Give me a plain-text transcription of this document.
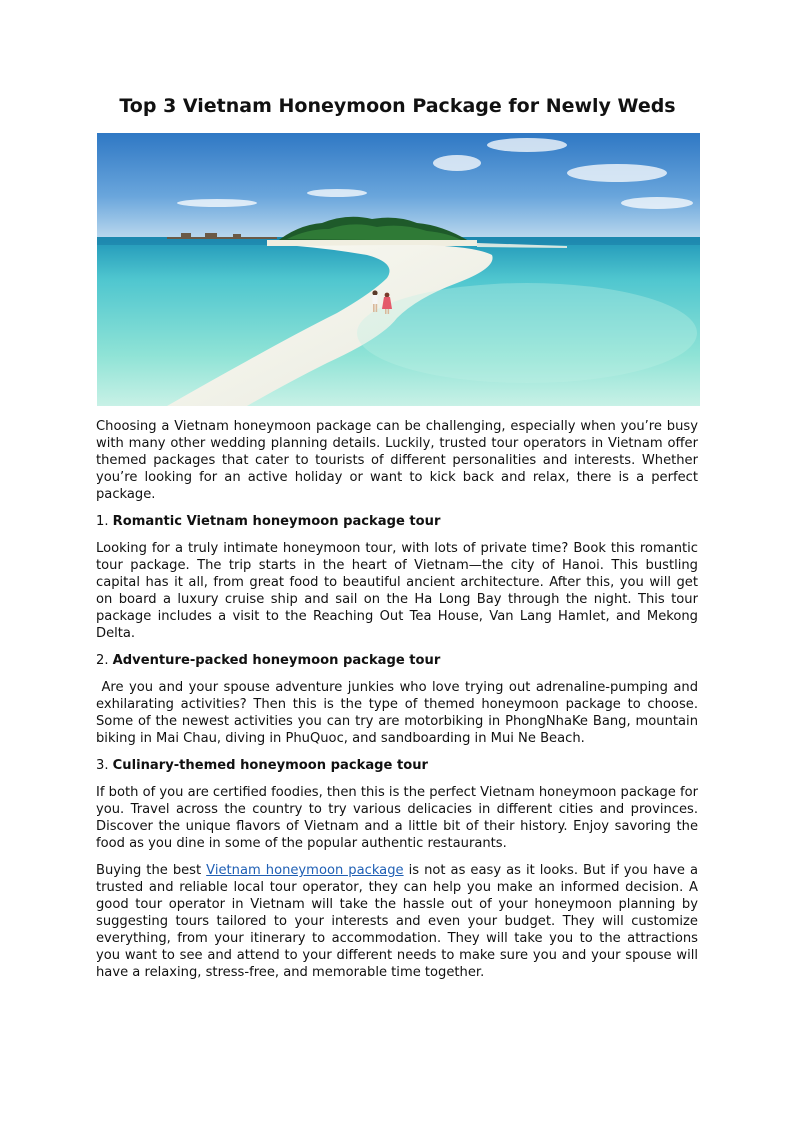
Top 3 Vietnam Honeymoon Package for Newly Weds

Choosing a Vietnam honeymoon package can be challenging, especially when you’re busy with many other wedding planning details. Luckily, trusted tour operators in Vietnam offer themed packages that cater to tourists of different personalities and interests. Whether you’re looking for an active holiday or want to kick back and relax, there is a perfect package.

1. Romantic Vietnam honeymoon package tour

Looking for a truly intimate honeymoon tour, with lots of private time? Book this romantic tour package. The trip starts in the heart of Vietnam—the city of Hanoi. This bustling capital has it all, from great food to beautiful ancient architecture. After this, you will get on board a luxury cruise ship and sail on the Ha Long Bay through the night. This tour package includes a visit to the Reaching Out Tea House, Van Lang Hamlet, and Mekong Delta.

2. Adventure-packed honeymoon package tour

Are you and your spouse adventure junkies who love trying out adrenaline-pumping and exhilarating activities? Then this is the type of themed honeymoon package to choose. Some of the newest activities you can try are motorbiking in PhongNhaKe Bang, mountain biking in Mai Chau, diving in PhuQuoc, and sandboarding in Mui Ne Beach.

3. Culinary-themed honeymoon package tour

If both of you are certified foodies, then this is the perfect Vietnam honeymoon package for you. Travel across the country to try various delicacies in different cities and provinces. Discover the unique flavors of Vietnam and a little bit of their history. Enjoy savoring the food as you dine in some of the popular authentic restaurants.

Buying the best Vietnam honeymoon package is not as easy as it looks. But if you have a trusted and reliable local tour operator, they can help you make an informed decision. A good tour operator in Vietnam will take the hassle out of your honeymoon planning by suggesting tours tailored to your interests and even your budget. They will customize everything, from your itinerary to accommodation. They will take you to the attractions you want to see and attend to your different needs to make sure you and your spouse will have a relaxing, stress-free, and memorable time together.
